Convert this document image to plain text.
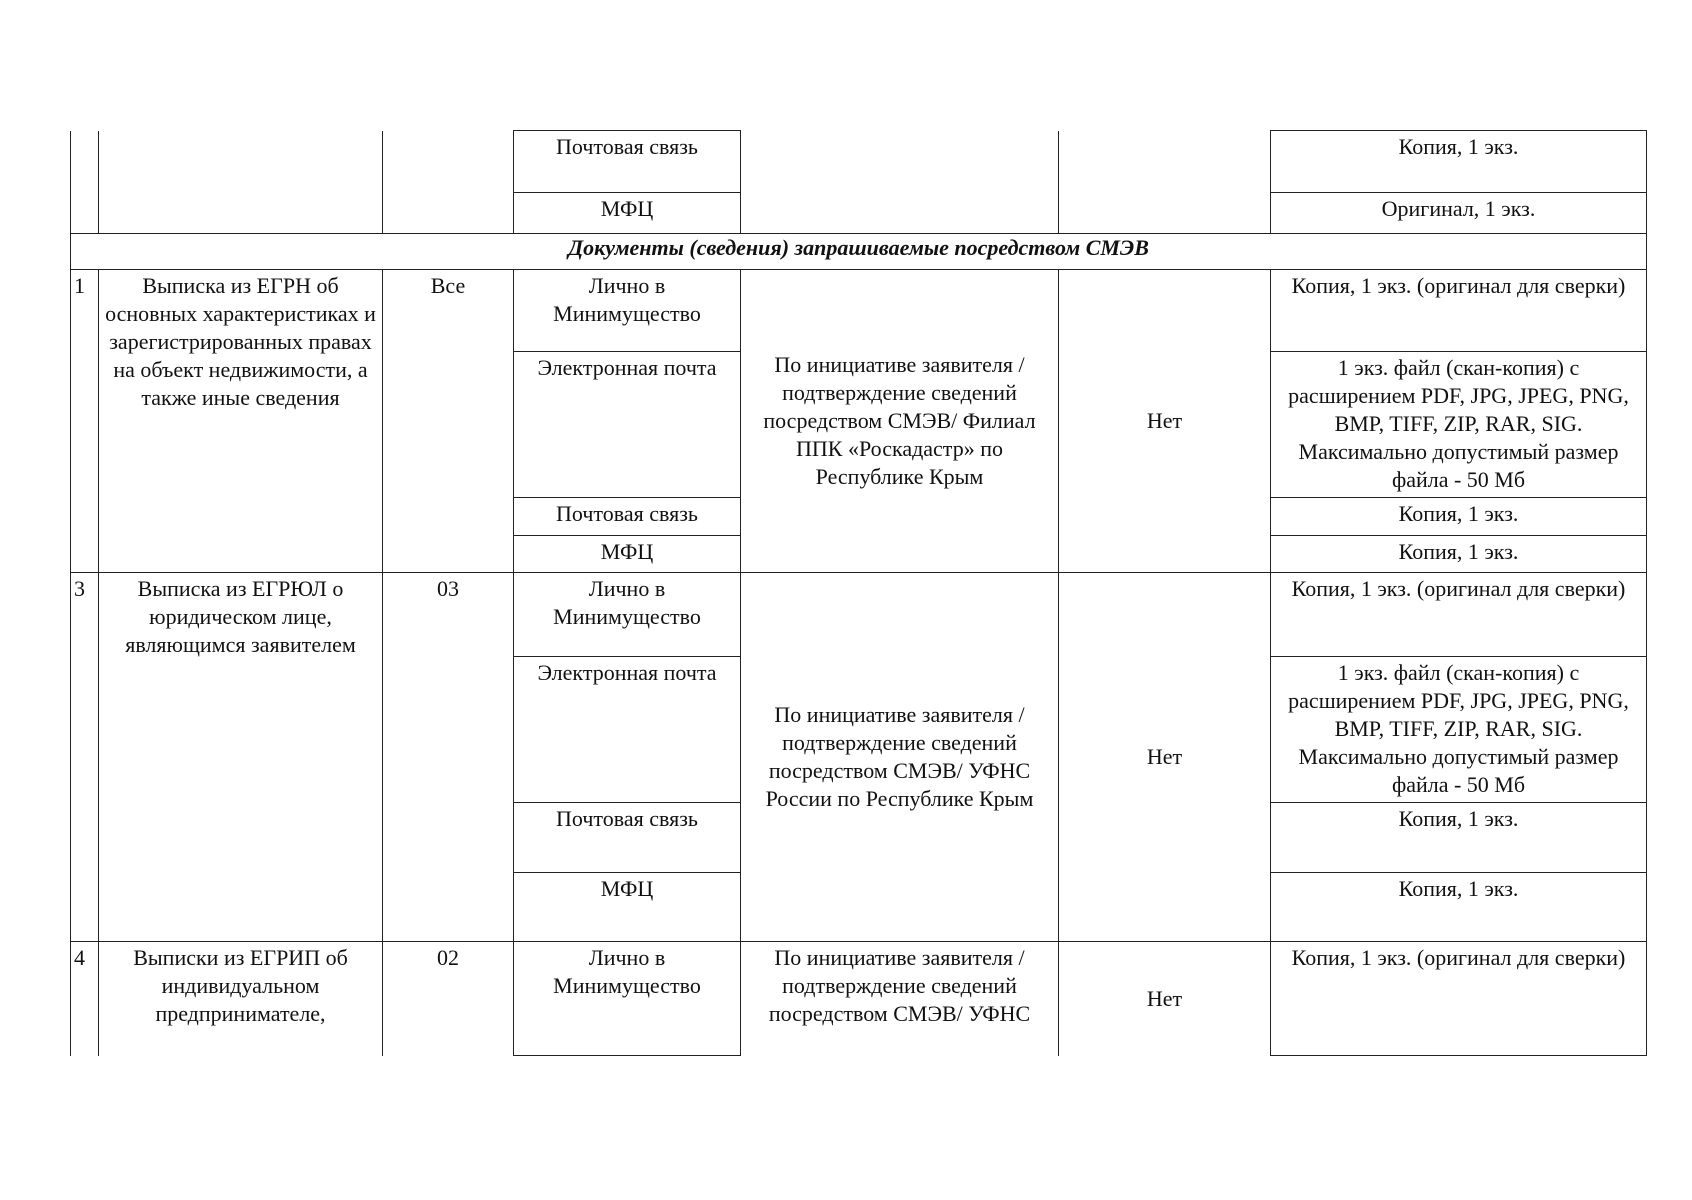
			Почтовая связь			Копия, 1 экз.
			МФЦ			Оригинал, 1 экз.
Документы (сведения) запрашиваемые посредством СМЭВ						
1	Выписка из ЕГРН об основных характеристиках и зарегистрированных правах на объект недвижимости, а также иные сведения	Все	Лично в Минимущество	По инициативе заявителя / подтверждение сведений посредством СМЭВ/ Филиал ППК «Роскадастр» по Республике Крым	Нет	Копия, 1 экз. (оригинал для сверки)
			Электронная почта			1 экз. файл (скан-копия) с расширением PDF, JPG, JPEG, PNG, BMP, TIFF, ZIP, RAR, SIG. Максимально допустимый размер файла - 50 Мб
			Почтовая связь			Копия, 1 экз.
			МФЦ			Копия, 1 экз.
3	Выписка из ЕГРЮЛ о юридическом лице, являющимся заявителем	03	Лично в Минимущество	По инициативе заявителя / подтверждение сведений посредством СМЭВ/ УФНС России по Республике Крым	Нет	Копия, 1 экз. (оригинал для сверки)
			Электронная почта			1 экз. файл (скан-копия) с расширением PDF, JPG, JPEG, PNG, BMP, TIFF, ZIP, RAR, SIG. Максимально допустимый размер файла - 50 Мб
			Почтовая связь			Копия, 1 экз.
			МФЦ			Копия, 1 экз.
4	Выписки из ЕГРИП об индивидуальном предпринимателе,	02	Лично в Минимущество	По инициативе заявителя / подтверждение сведений посредством СМЭВ/ УФНС	Нет	Копия, 1 экз. (оригинал для сверки)
